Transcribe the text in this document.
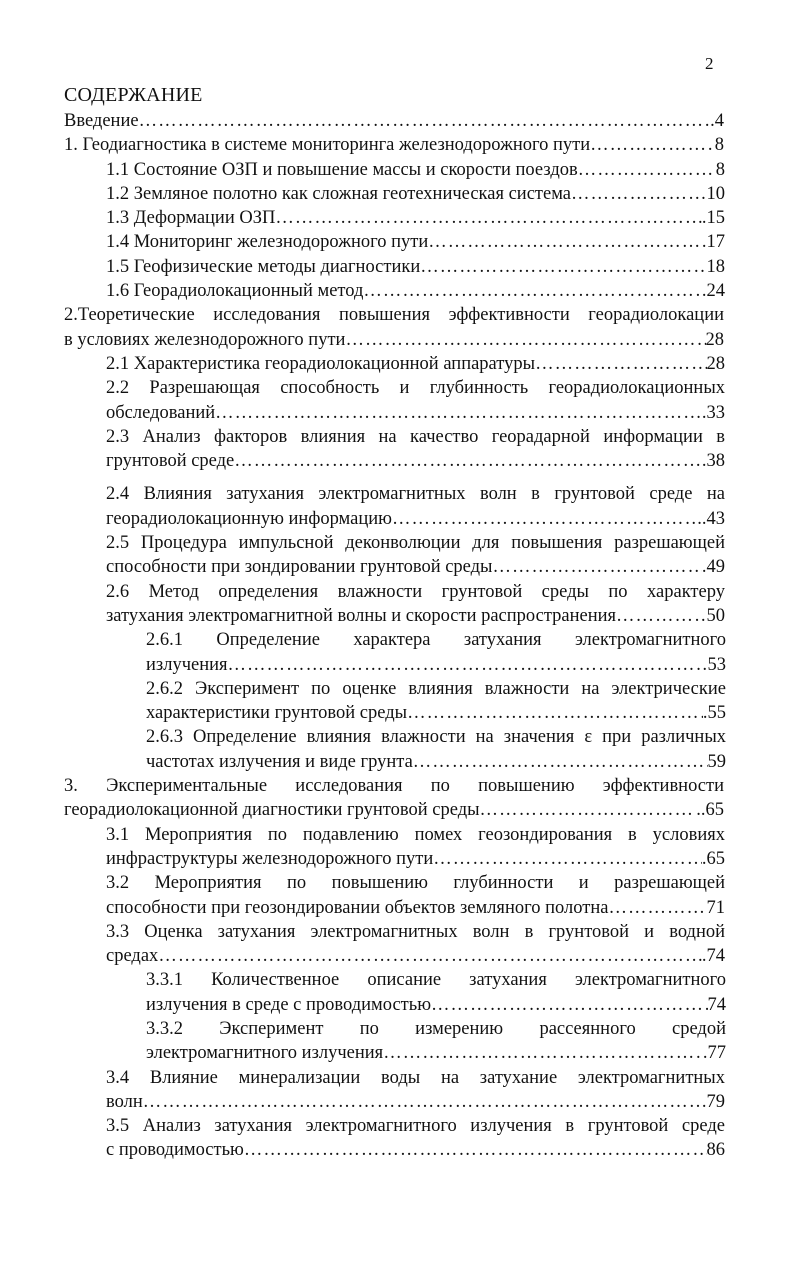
2
СОДЕРЖАНИЕ
Введение …………………………………………………………………………………………………………………………………………………………………………………………………………	.4
1. Геодиагностика в системе мониторинга железнодорожного пути …………………………………………………………………………………………………………………………………………………………………………………………………………	8
1.1 Состояние ОЗП и повышение массы и скорости поездов …………………………………………………………………………………………………………………………………………………………………………………………………………	8
1.2 Земляное полотно как сложная геотехническая система …………………………………………………………………………………………………………………………………………………………………………………………………………	10
1.3 Деформации ОЗП …………………………………………………………………………………………………………………………………………………………………………………………………………	.15
1.4 Мониторинг железнодорожного пути …………………………………………………………………………………………………………………………………………………………………………………………………………	.17
1.5 Геофизические методы диагностики …………………………………………………………………………………………………………………………………………………………………………………………………………	18
1.6 Георадиолокационный метод …………………………………………………………………………………………………………………………………………………………………………………………………………	.24
2.Теоретические исследования повышения эффективности георадиолокации
в условиях железнодорожного пути …………………………………………………………………………………………………………………………………………………………………………………………………………	28
2.1 Характеристика георадиолокационной аппаратуры …………………………………………………………………………………………………………………………………………………………………………………………………………	28
2.2 Разрешающая способность и глубинность георадиолокационных
обследований …………………………………………………………………………………………………………………………………………………………………………………………………………	.33
2.3 Анализ факторов влияния на качество георадарной информации в
грунтовой среде …………………………………………………………………………………………………………………………………………………………………………………………………………	.38
2.4 Влияния затухания электромагнитных волн в грунтовой среде на
георадиолокационную информацию …………………………………………………………………………………………………………………………………………………………………………………………………………	..43
2.5 Процедура импульсной деконволюции для повышения разрешающей
способности при зондировании грунтовой среды …………………………………………………………………………………………………………………………………………………………………………………………………………	.49
2.6 Метод определения влажности грунтовой среды по характеру
затухания электромагнитной волны и скорости распространения …………………………………………………………………………………………………………………………………………………………………………………………………………	50
2.6.1 Определение характера затухания электромагнитного
излучения …………………………………………………………………………………………………………………………………………………………………………………………………………	53
2.6.2 Эксперимент по оценке влияния влажности на электрические
характеристики грунтовой среды …………………………………………………………………………………………………………………………………………………………………………………………………………	.55
2.6.3 Определение влияния влажности на значения ε при различных
частотах излучения и виде грунта …………………………………………………………………………………………………………………………………………………………………………………………………………	59
3. Экспериментальные исследования по повышению эффективности
георадиолокационной диагностики грунтовой среды …………………………………………………………………………………………………………………………………………………………………………………………………………	..65
3.1 Мероприятия по подавлению помех геозондирования в условиях
инфраструктуры железнодорожного пути …………………………………………………………………………………………………………………………………………………………………………………………………………	.65
3.2 Мероприятия по повышению глубинности и разрешающей
способности при геозондировании объектов земляного полотна …………………………………………………………………………………………………………………………………………………………………………………………………………	71
3.3 Оценка затухания электромагнитных волн в грунтовой и водной
средах …………………………………………………………………………………………………………………………………………………………………………………………………………	.74
3.3.1 Количественное описание затухания электромагнитного
излучения в среде с проводимостью …………………………………………………………………………………………………………………………………………………………………………………………………………	74
3.3.2 Эксперимент по измерению рассеянного средой
электромагнитного излучения …………………………………………………………………………………………………………………………………………………………………………………………………………	.77
3.4 Влияние минерализации воды на затухание электромагнитных
волн …………………………………………………………………………………………………………………………………………………………………………………………………………	.79
3.5 Анализ затухания электромагнитного излучения в грунтовой среде
с проводимостью …………………………………………………………………………………………………………………………………………………………………………………………………………	86
